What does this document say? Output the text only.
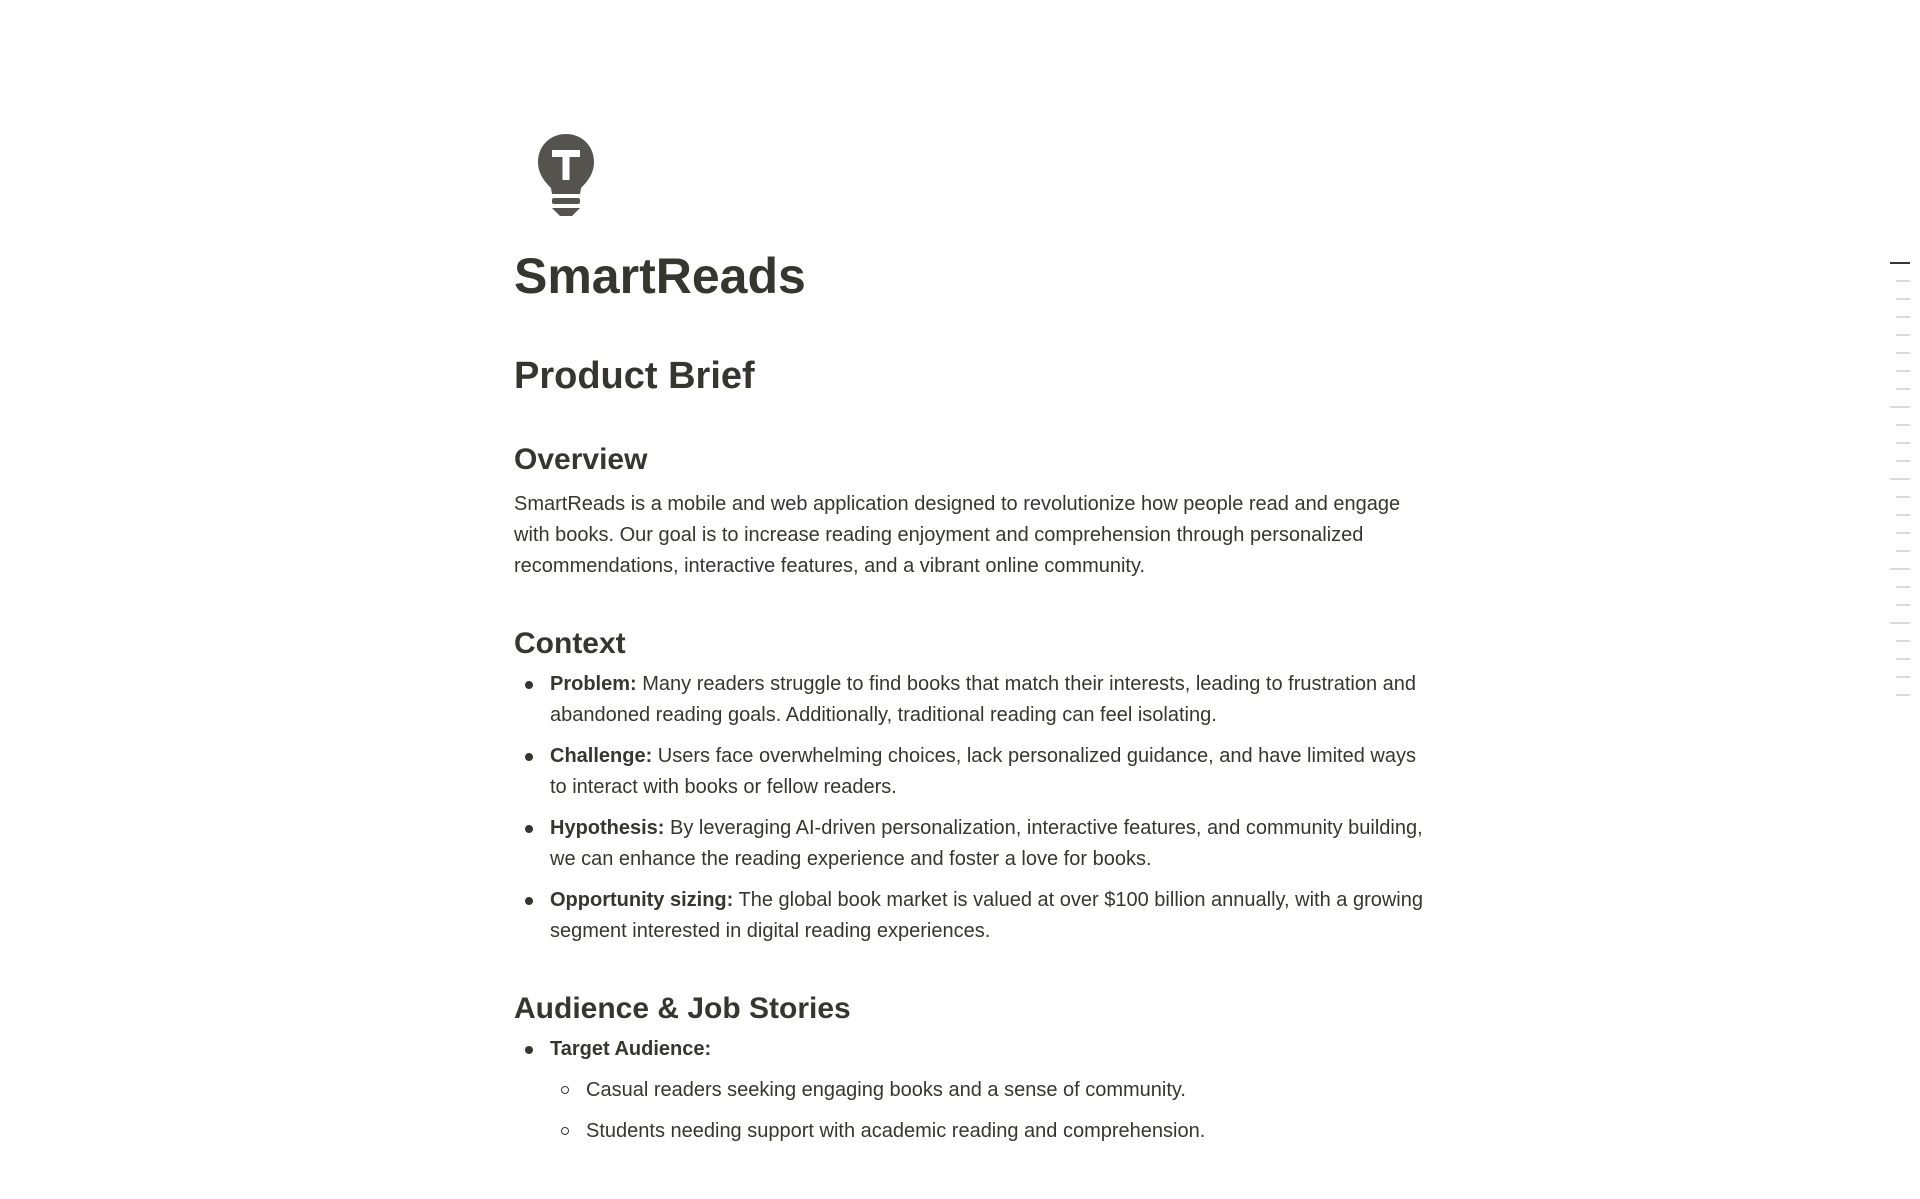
SmartReads
Product Brief
Overview

SmartReads is a mobile and web application designed to revolutionize how people read and engage with books. Our goal is to increase reading enjoyment and comprehension through personalized recommendations, interactive features, and a vibrant online community.

Context
Problem: Many readers struggle to find books that match their interests, leading to frustration and abandoned reading goals. Additionally, traditional reading can feel isolating.
Challenge: Users face overwhelming choices, lack personalized guidance, and have limited ways to interact with books or fellow readers.
Hypothesis: By leveraging AI-driven personalization, interactive features, and community building, we can enhance the reading experience and foster a love for books.
Opportunity sizing: The global book market is valued at over $100 billion annually, with a growing segment interested in digital reading experiences.
Audience & Job Stories
Target Audience:
Casual readers seeking engaging books and a sense of community.
Students needing support with academic reading and comprehension.
